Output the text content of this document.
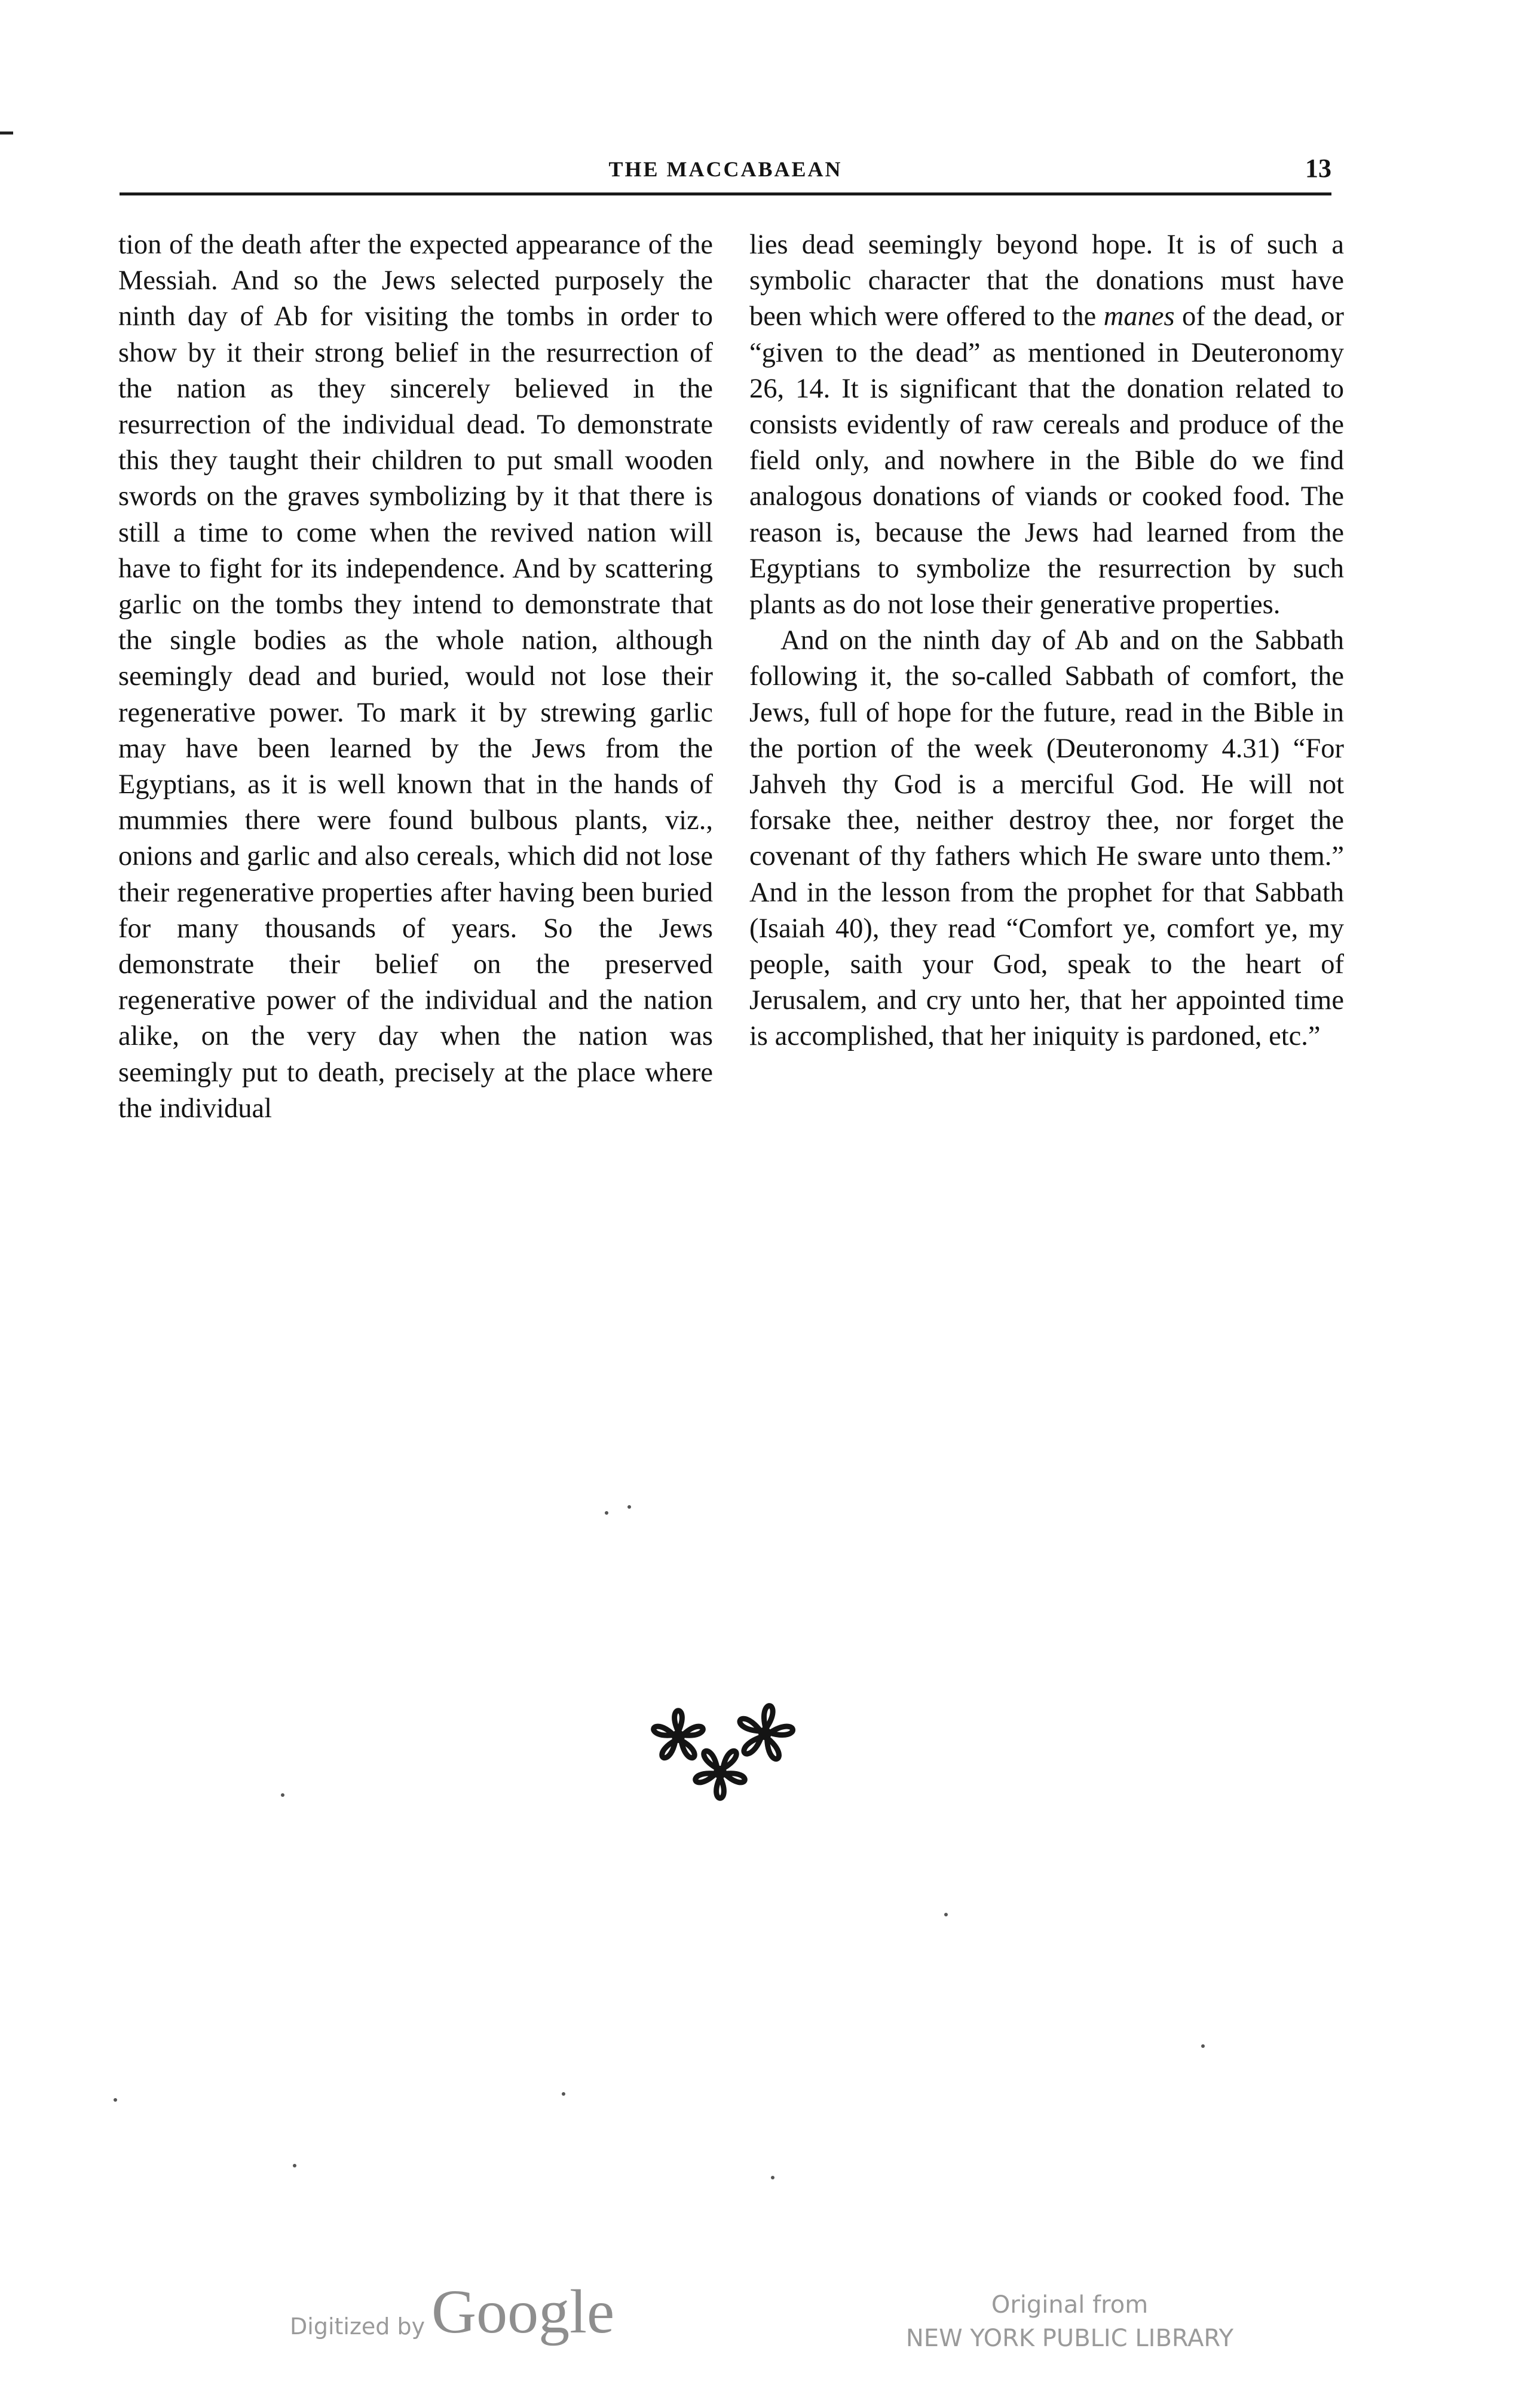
THE MACCABAEAN	13

tion of the death after the expected appearance of the Messiah. And so the Jews selected purposely the ninth day of Ab for visiting the tombs in order to show by it their strong belief in the resurrection of the nation as they sincerely believed in the resurrection of the individual dead. To demonstrate this they taught their children to put small wooden swords on the graves symbolizing by it that there is still a time to come when the revived nation will have to fight for its independence. And by scattering garlic on the tombs they intend to demonstrate that the single bodies as the whole nation, although seemingly dead and buried, would not lose their regenerative power. To mark it by strewing garlic may have been learned by the Jews from the Egyptians, as it is well known that in the hands of mummies there were found bulbous plants, viz., onions and garlic and also cereals, which did not lose their regenerative properties after having been buried for many thousands of years. So the Jews demonstrate their belief on the preserved regenerative power of the individual and the nation alike, on the very day when the nation was seemingly put to death, precisely at the place where the individual

lies dead seemingly beyond hope. It is of such a symbolic character that the donations must have been which were offered to the manes of the dead, or “given to the dead” as mentioned in Deuteronomy 26, 14. It is significant that the donation related to consists evidently of raw cereals and produce of the field only, and nowhere in the Bible do we find analogous donations of viands or cooked food. The reason is, because the Jews had learned from the Egyptians to symbolize the resurrection by such plants as do not lose their generative properties.

And on the ninth day of Ab and on the Sabbath following it, the so-called Sabbath of comfort, the Jews, full of hope for the future, read in the Bible in the portion of the week (Deuteronomy 4.31) “For Jahveh thy God is a merciful God. He will not forsake thee, neither destroy thee, nor forget the covenant of thy fathers which He sware unto them.” And in the lesson from the prophet for that Sabbath (Isaiah 40), they read “Comfort ye, comfort ye, my people, saith your God, speak to the heart of Jerusalem, and cry unto her, that her appointed time is accomplished, that her iniquity is pardoned, etc.”

Digitized by Google	Original from
NEW YORK PUBLIC LIBRARY
